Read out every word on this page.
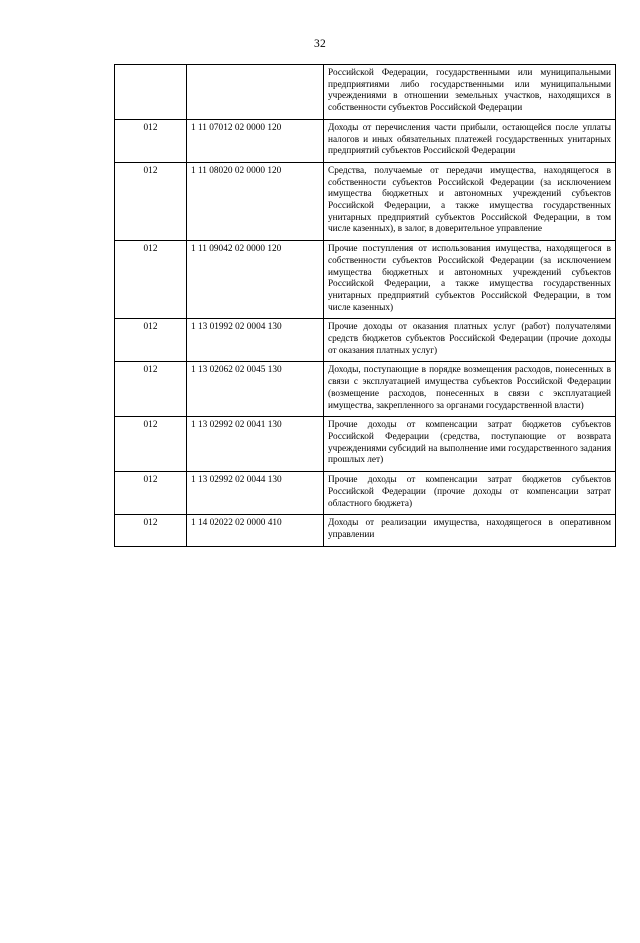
32
		Российской Федерации, государственными или муниципальными предприятиями либо государственными или муниципальными учреждениями в отношении земельных участков, находящихся в собственности субъектов Российской Федерации
012	1 11 07012 02 0000 120	Доходы от перечисления части прибыли, остающейся после уплаты налогов и иных обязательных платежей государственных унитарных предприятий субъектов Российской Федерации
012	1 11 08020 02 0000 120	Средства, получаемые от передачи имущества, находящегося в собственности субъектов Российской Федерации (за исключением имущества бюджетных и автономных учреждений субъектов Российской Федерации, а также имущества государственных унитарных предприятий субъектов Российской Федерации, в том числе казенных), в залог, в доверительное управление
012	1 11 09042 02 0000 120	Прочие поступления от использования имущества, находящегося в собственности субъектов Российской Федерации (за исключением имущества бюджетных и автономных учреждений субъектов Российской Федерации, а также имущества государственных унитарных предприятий субъектов Российской Федерации, в том числе казенных)
012	1 13 01992 02 0004 130	Прочие доходы от оказания платных услуг (работ) получателями средств бюджетов субъектов Российской Федерации (прочие доходы от оказания платных услуг)
012	1 13 02062 02 0045 130	Доходы, поступающие в порядке возмещения расходов, понесенных в связи с эксплуатацией имущества субъектов Российской Федерации (возмещение расходов, понесенных в связи с эксплуатацией имущества, закрепленного за органами государственной власти)
012	1 13 02992 02 0041 130	Прочие доходы от компенсации затрат бюджетов субъектов Российской Федерации (средства, поступающие от возврата учреждениями субсидий на выполнение ими государственного задания прошлых лет)
012	1 13 02992 02 0044 130	Прочие доходы от компенсации затрат бюджетов субъектов Российской Федерации (прочие доходы от компенсации затрат областного бюджета)
012	1 14 02022 02 0000 410	Доходы от реализации имущества, находящегося в оперативном управлении
